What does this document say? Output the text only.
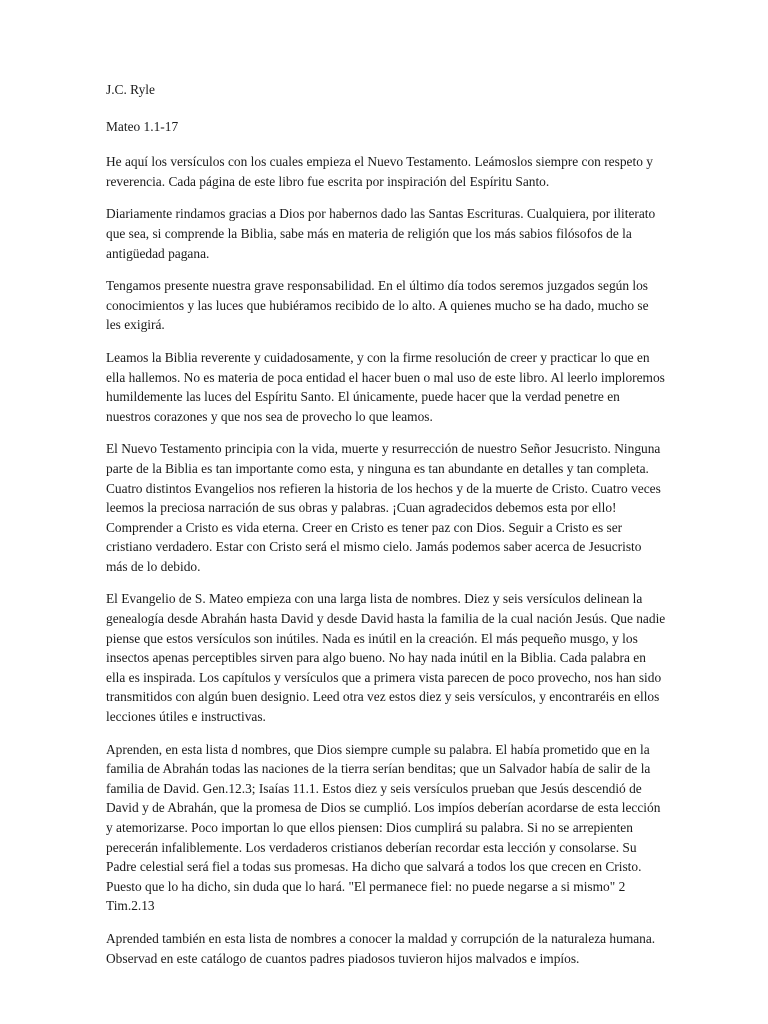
J.C. Ryle

Mateo 1.1-17

He aquí los versículos con los cuales empieza el Nuevo Testamento. Leámoslos siempre con respeto y reverencia. Cada página de este libro fue escrita por inspiración del Espíritu Santo.

Diariamente rindamos gracias a Dios por habernos dado las Santas Escrituras. Cualquiera, por iliterato que sea, si comprende la Biblia, sabe más en materia de religión que los más sabios filósofos de la antigüedad pagana.

Tengamos presente nuestra grave responsabilidad. En el último día todos seremos juzgados según los conocimientos y las luces que hubiéramos recibido de lo alto. A quienes mucho se ha dado, mucho se les exigirá.

Leamos la Biblia reverente y cuidadosamente, y con la firme resolución de creer y practicar lo que en ella hallemos. No es materia de poca entidad el hacer buen o mal uso de este libro. Al leerlo imploremos humildemente las luces del Espíritu Santo. El únicamente, puede hacer que la verdad penetre en nuestros corazones y que nos sea de provecho lo que leamos.

El Nuevo Testamento principia con la vida, muerte y resurrección de nuestro Señor Jesucristo. Ninguna parte de la Biblia es tan importante como esta, y ninguna es tan abundante en detalles y tan completa. Cuatro distintos Evangelios nos refieren la historia de los hechos y de la muerte de Cristo. Cuatro veces leemos la preciosa narración de sus obras y palabras. ¡Cuan agradecidos debemos esta por ello! Comprender a Cristo es vida eterna. Creer en Cristo es tener paz con Dios. Seguir a Cristo es ser cristiano verdadero. Estar con Cristo será el mismo cielo. Jamás podemos saber acerca de Jesucristo más de lo debido.

El Evangelio de S. Mateo empieza con una larga lista de nombres. Diez y seis versículos delinean la genealogía desde Abrahán hasta David y desde David hasta la familia de la cual nación Jesús. Que nadie piense que estos versículos son inútiles. Nada es inútil en la creación. El más pequeño musgo, y los insectos apenas perceptibles sirven para algo bueno. No hay nada inútil en la Biblia. Cada palabra en ella es inspirada. Los capítulos y versículos que a primera vista parecen de poco provecho, nos han sido transmitidos con algún buen designio. Leed otra vez estos diez y seis versículos, y encontraréis en ellos lecciones útiles e instructivas.

Aprenden, en esta lista d nombres, que Dios siempre cumple su palabra. El había prometido que en la familia de Abrahán todas las naciones de la tierra serían benditas; que un Salvador había de salir de la familia de David. Gen.12.3; Isaías 11.1. Estos diez y seis versículos prueban que Jesús descendió de David y de Abrahán, que la promesa de Dios se cumplió. Los impíos deberían acordarse de esta lección y atemorizarse. Poco importan lo que ellos piensen: Dios cumplirá su palabra. Si no se arrepienten perecerán infaliblemente. Los verdaderos cristianos deberían recordar esta lección y consolarse. Su Padre celestial será fiel a todas sus promesas. Ha dicho que salvará a todos los que crecen en Cristo. Puesto que lo ha dicho, sin duda que lo hará. "El permanece fiel: no puede negarse a si mismo" 2 Tim.2.13

Aprended también en esta lista de nombres a conocer la maldad y corrupción de la naturaleza humana. Observad en este catálogo de cuantos padres piadosos tuvieron hijos malvados e impíos.
